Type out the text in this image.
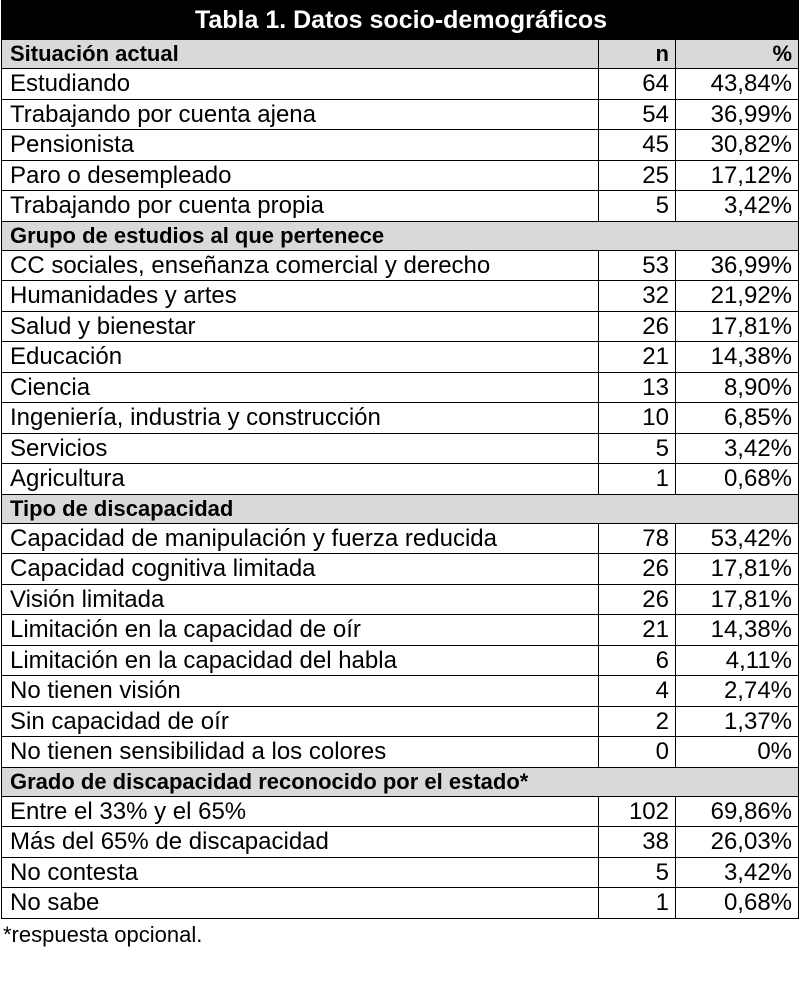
Tabla 1. Datos socio-demográficos		
Situación actual	n	%
Estudiando	64	43,84%
Trabajando por cuenta ajena	54	36,99%
Pensionista	45	30,82%
Paro o desempleado	25	17,12%
Trabajando por cuenta propia	5	3,42%
Grupo de estudios al que pertenece		
CC sociales, enseñanza comercial y derecho	53	36,99%
Humanidades y artes	32	21,92%
Salud y bienestar	26	17,81%
Educación	21	14,38%
Ciencia	13	8,90%
Ingeniería, industria y construcción	10	6,85%
Servicios	5	3,42%
Agricultura	1	0,68%
Tipo de discapacidad		
Capacidad de manipulación y fuerza reducida	78	53,42%
Capacidad cognitiva limitada	26	17,81%
Visión limitada	26	17,81%
Limitación en la capacidad de oír	21	14,38%
Limitación en la capacidad del habla	6	4,11%
No tienen visión	4	2,74%
Sin capacidad de oír	2	1,37%
No tienen sensibilidad a los colores	0	0%
Grado de discapacidad reconocido por el estado*		
Entre el 33% y el 65%	102	69,86%
Más del 65% de discapacidad	38	26,03%
No contesta	5	3,42%
No sabe	1	0,68%
*respuesta opcional.
